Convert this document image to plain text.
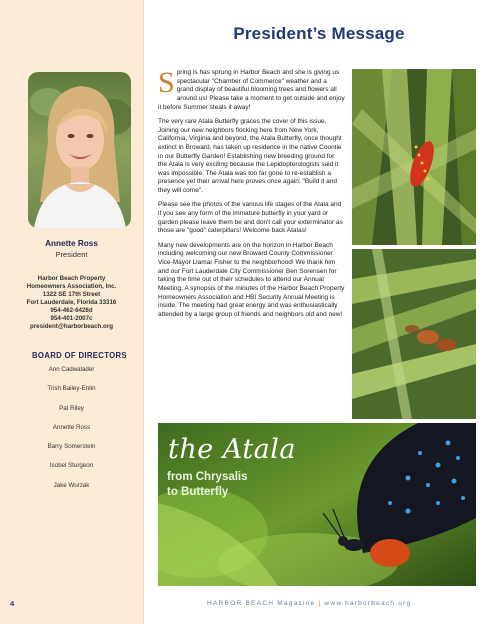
Annette Ross
President
Harbor Beach Property
Homeowners Association, Inc.
1322 SE 17th Street
Fort Lauderdale, Florida 33316
954-462-6428d
954-401-2007c
president@harborbeach.org
BOARD OF DIRECTORS
Ann Cadwalader
Trish Bailey-Entin
Pat Riley
Annette Ross
Barry Somerstein
Isobel Sturgeon
Jake Wurzak
President’s Message

Spring is has sprung in Harbor Beach and she is giving us spectacular "Chamber of Commerce" weather and a grand display of beautiful blooming trees and flowers all around us! Please take a moment to get outside and enjoy it before Summer steals it away!

The very rare Atala Butterfly graces the cover of this issue. Joining our new neighbors flocking here from New York, California, Virginia and beyond, the Atala Butterfly, once thought extinct in Broward, has taken up residence in the native Coontie in our Butterfly Garden! Establishing new breeding ground for the Atala is very exciting because the Lepidopterologists said it was impossible. The Atala was too far gone to re-establish a presence yet their arrival here proves once again: "Build it and they will come".

Please see the photos of the various life stages of the Atala and if you see any form of the immature butterfly in your yard or garden please leave them be and don't call your exterminator as those are "good" caterpillars! Welcome back Atalas!

Many new developments are on the horizon in Harbor Beach including welcoming our new Broward County Commissioner Vice-Mayor Llamar Fisher to the neighborhood! We thank him and our Fort Lauderdale City Commissioner Ben Sorensen for taking the time out of their schedules to attend our Annual Meeting. A synopsis of the minutes of the Harbor Beach Property Homeowners Association and HBI Security Annual Meeting is inside. The meeting had great energy and was enthusiastically attended by a large group of friends and neighbors old and new!

the Atala
from Chrysalis
to Butterfly
4	HARBOR BEACH Magazine | www.harborbeach.org
